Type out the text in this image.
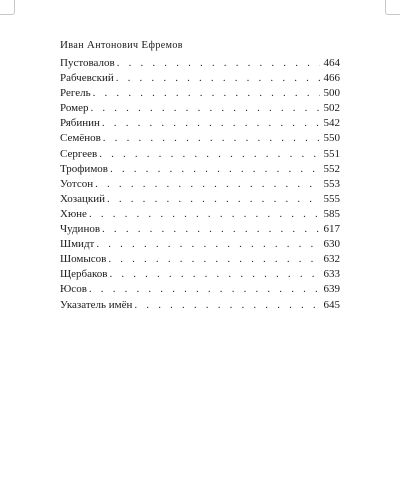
Иван Антонович Ефремов
Пустовалов . . .	464
Рабчевский . . .	466
Регель . . .	500
Ромер . . .	502
Рябинин . . .	542
Семёнов . . .	550
Сергеев . . .	551
Трофимов . . .	552
Уотсон . . .	553
Хозацкий . . .	555
Хюне . . .	585
Чудинов . . .	617
Шмидт . . .	630
Шомысов . . .	632
Щербаков . . .	633
Юсов . . .	639
Указатель имён . . .	645
